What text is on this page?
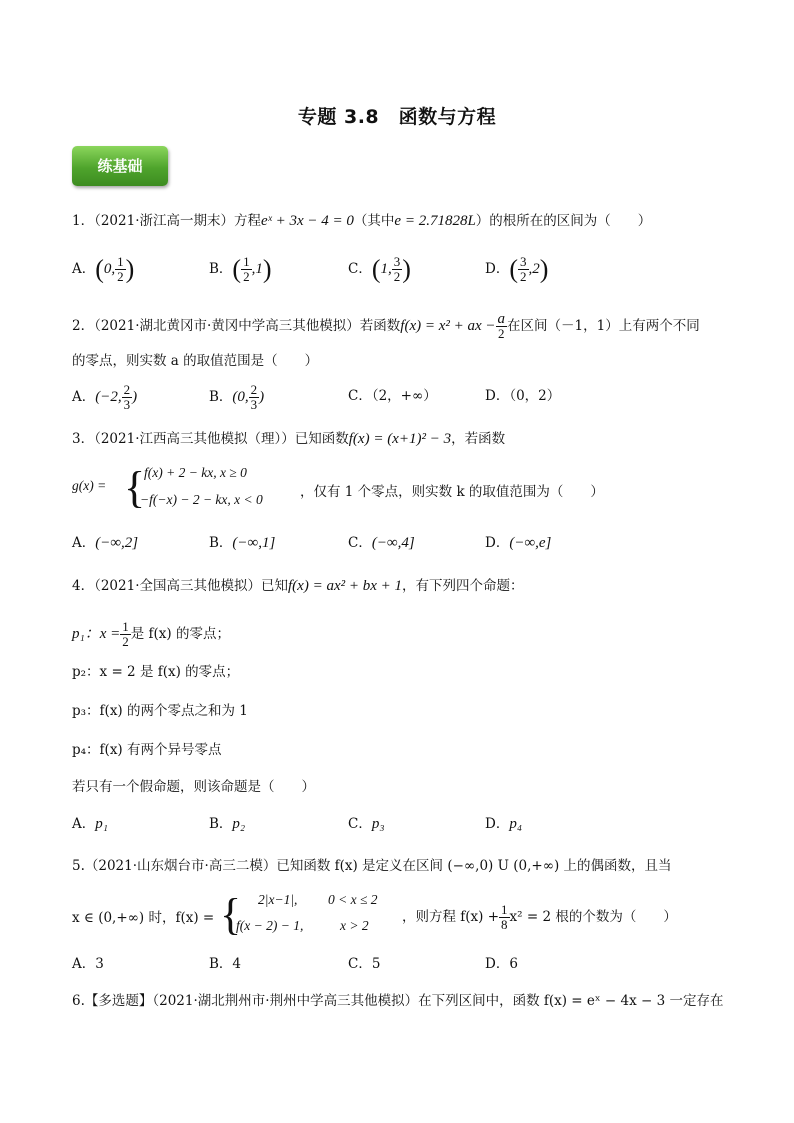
专题 3.8　函数与方程
练基础
1．（2021·浙江高一期末）方程eˣ + 3x − 4 = 0（其中e = 2.71828L）的根所在的区间为（　　）
A．(0, $\frac{1}{2}$ )	B．( $\frac{1}{2} ,1$)	C．(1, $\frac{3}{2}$ )	D．( $\frac{3}{2} ,2$)
2．（2021·湖北黄冈市·黄冈中学高三其他模拟）若函数f(x) = x² + ax − $\frac{a}{2}$ 在区间（－1，1）上有两个不同
的零点，则实数 a 的取值范围是（　　）
A．(−2, $\frac{2}{3}$ )	B．(0, $\frac{2}{3}$ )	C．（2，+∞）	D．（0，2）
3．（2021·江西高三其他模拟（理））已知函数f(x) = (x+1)² − 3，若函数
g(x) = {
f(x) + 2 − kx, x ≥ 0
−f(−x) − 2 − kx, x < 0	，仅有 1 个零点，则实数 k 的取值范围为（　　）
A．(−∞,2]	B．(−∞,1]	C．(−∞,4]	D．(−∞,e]
4．（2021·全国高三其他模拟）已知f(x) = ax² + bx + 1，有下列四个命题：
p₁：$x = \frac{1}{2}$ 是 f(x) 的零点；
p₂：x = 2 是 f(x) 的零点；
p₃：f(x) 的两个零点之和为 1
p₄：f(x) 有两个异号零点
若只有一个假命题，则该命题是（　　）
A．p₁	B．p₂	C．p₃	D．p₄
5.（2021·山东烟台市·高三二模）已知函数 f(x) 是定义在区间 (−∞,0) U (0,+∞) 上的偶函数，且当
x ∈ (0,+∞) 时，f(x) = { 2|x−1|, 0 < x ≤ 2
f(x − 2) − 1,	x > 2
，则方程 $f(x) + \frac{1}{8} x^2 = 2$ 根的个数为（　　）
A．3	B．4	C．5	D．6
6.【多选题】（2021·湖北荆州市·荆州中学高三其他模拟）在下列区间中，函数 f(x) = eˣ − 4x − 3 一定存在
